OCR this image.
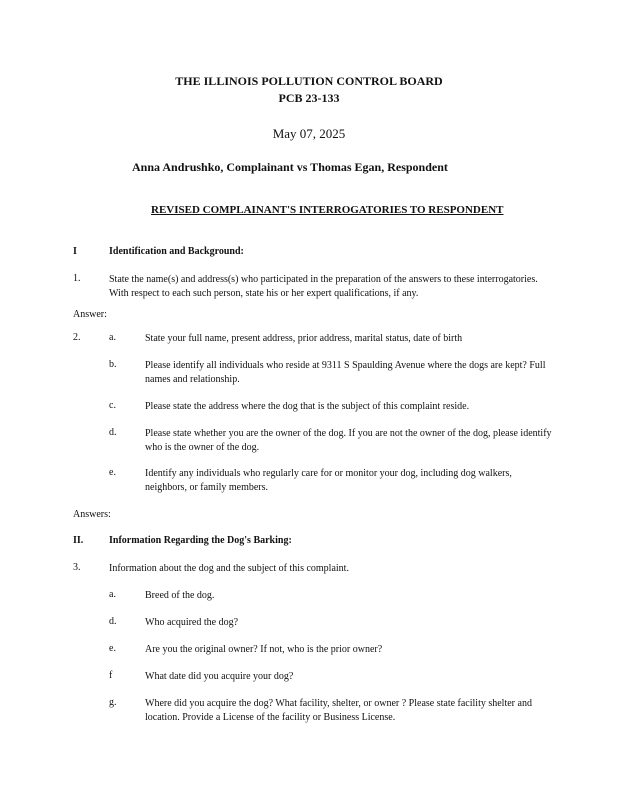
THE ILLINOIS POLLUTION CONTROL BOARD
PCB 23-133
May 07, 2025
Anna Andrushko, Complainant vs Thomas Egan, Respondent
REVISED COMPLAINANT'S INTERROGATORIES TO RESPONDENT
I	Identification and Background:
1.	State the name(s) and address(s) who participated in the preparation of the answers to these interrogatories. With respect to each such person, state his or her expert qualifications, if any.
Answer:
2.	a.	State your full name, present address, prior address, marital status, date of birth
b.	Please identify all individuals who reside at 9311 S Spaulding Avenue where the dogs are kept? Full names and relationship.
c.	Please state the address where the dog that is the subject of this complaint reside.
d.	Please state whether you are the owner of the dog. If you are not the owner of the dog, please identify who is the owner of the dog.
e.	Identify any individuals who regularly care for or monitor your dog, including dog walkers, neighbors, or family members.
Answers:
II.	Information Regarding the Dog's Barking:
3.	Information about the dog and the subject of this complaint.
a.	Breed of the dog.
d.	Who acquired the dog?
e.	Are you the original owner? If not, who is the prior owner?
f	What date did you acquire your dog?
g.	Where did you acquire the dog? What facility, shelter, or owner ? Please state facility shelter and location. Provide a License of the facility or Business License.
